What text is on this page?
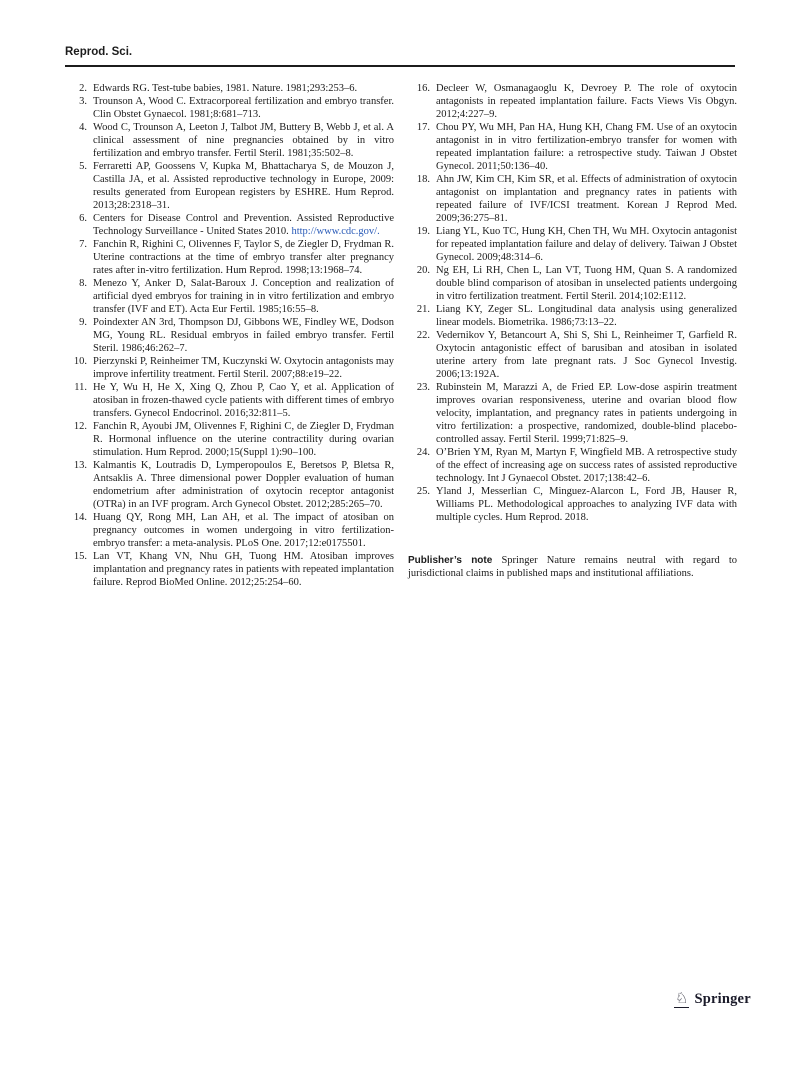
Reprod. Sci.
2. Edwards RG. Test-tube babies, 1981. Nature. 1981;293:253–6.
3. Trounson A, Wood C. Extracorporeal fertilization and embryo transfer. Clin Obstet Gynaecol. 1981;8:681–713.
4. Wood C, Trounson A, Leeton J, Talbot JM, Buttery B, Webb J, et al. A clinical assessment of nine pregnancies obtained by in vitro fertilization and embryo transfer. Fertil Steril. 1981;35:502–8.
5. Ferraretti AP, Goossens V, Kupka M, Bhattacharya S, de Mouzon J, Castilla JA, et al. Assisted reproductive technology in Europe, 2009: results generated from European registers by ESHRE. Hum Reprod. 2013;28:2318–31.
6. Centers for Disease Control and Prevention. Assisted Reproductive Technology Surveillance - United States 2010. http://www.cdc.gov/.
7. Fanchin R, Righini C, Olivennes F, Taylor S, de Ziegler D, Frydman R. Uterine contractions at the time of embryo transfer alter pregnancy rates after in-vitro fertilization. Hum Reprod. 1998;13:1968–74.
8. Menezo Y, Anker D, Salat-Baroux J. Conception and realization of artificial dyed embryos for training in in vitro fertilization and embryo transfer (IVF and ET). Acta Eur Fertil. 1985;16:55–8.
9. Poindexter AN 3rd, Thompson DJ, Gibbons WE, Findley WE, Dodson MG, Young RL. Residual embryos in failed embryo transfer. Fertil Steril. 1986;46:262–7.
10. Pierzynski P, Reinheimer TM, Kuczynski W. Oxytocin antagonists may improve infertility treatment. Fertil Steril. 2007;88:e19–22.
11. He Y, Wu H, He X, Xing Q, Zhou P, Cao Y, et al. Application of atosiban in frozen-thawed cycle patients with different times of embryo transfers. Gynecol Endocrinol. 2016;32:811–5.
12. Fanchin R, Ayoubi JM, Olivennes F, Righini C, de Ziegler D, Frydman R. Hormonal influence on the uterine contractility during ovarian stimulation. Hum Reprod. 2000;15(Suppl 1):90–100.
13. Kalmantis K, Loutradis D, Lymperopoulos E, Beretsos P, Bletsa R, Antsaklis A. Three dimensional power Doppler evaluation of human endometrium after administration of oxytocin receptor antagonist (OTRa) in an IVF program. Arch Gynecol Obstet. 2012;285:265–70.
14. Huang QY, Rong MH, Lan AH, et al. The impact of atosiban on pregnancy outcomes in women undergoing in vitro fertilization-embryo transfer: a meta-analysis. PLoS One. 2017;12:e0175501.
15. Lan VT, Khang VN, Nhu GH, Tuong HM. Atosiban improves implantation and pregnancy rates in patients with repeated implantation failure. Reprod BioMed Online. 2012;25:254–60.
16. Decleer W, Osmanagaoglu K, Devroey P. The role of oxytocin antagonists in repeated implantation failure. Facts Views Vis Obgyn. 2012;4:227–9.
17. Chou PY, Wu MH, Pan HA, Hung KH, Chang FM. Use of an oxytocin antagonist in in vitro fertilization-embryo transfer for women with repeated implantation failure: a retrospective study. Taiwan J Obstet Gynecol. 2011;50:136–40.
18. Ahn JW, Kim CH, Kim SR, et al. Effects of administration of oxytocin antagonist on implantation and pregnancy rates in patients with repeated failure of IVF/ICSI treatment. Korean J Reprod Med. 2009;36:275–81.
19. Liang YL, Kuo TC, Hung KH, Chen TH, Wu MH. Oxytocin antagonist for repeated implantation failure and delay of delivery. Taiwan J Obstet Gynecol. 2009;48:314–6.
20. Ng EH, Li RH, Chen L, Lan VT, Tuong HM, Quan S. A randomized double blind comparison of atosiban in unselected patients undergoing in vitro fertilization treatment. Fertil Steril. 2014;102:E112.
21. Liang KY, Zeger SL. Longitudinal data analysis using generalized linear models. Biometrika. 1986;73:13–22.
22. Vedernikov Y, Betancourt A, Shi S, Shi L, Reinheimer T, Garfield R. Oxytocin antagonistic effect of barusiban and atosiban in isolated uterine artery from late pregnant rats. J Soc Gynecol Investig. 2006;13:192A.
23. Rubinstein M, Marazzi A, de Fried EP. Low-dose aspirin treatment improves ovarian responsiveness, uterine and ovarian blood flow velocity, implantation, and pregnancy rates in patients undergoing in vitro fertilization: a prospective, randomized, double-blind placebo-controlled assay. Fertil Steril. 1999;71:825–9.
24. O’Brien YM, Ryan M, Martyn F, Wingfield MB. A retrospective study of the effect of increasing age on success rates of assisted reproductive technology. Int J Gynaecol Obstet. 2017;138:42–6.
25. Yland J, Messerlian C, Minguez-Alarcon L, Ford JB, Hauser R, Williams PL. Methodological approaches to analyzing IVF data with multiple cycles. Hum Reprod. 2018.

Publisher’s note Springer Nature remains neutral with regard to jurisdictional claims in published maps and institutional affiliations.

♘ Springer
